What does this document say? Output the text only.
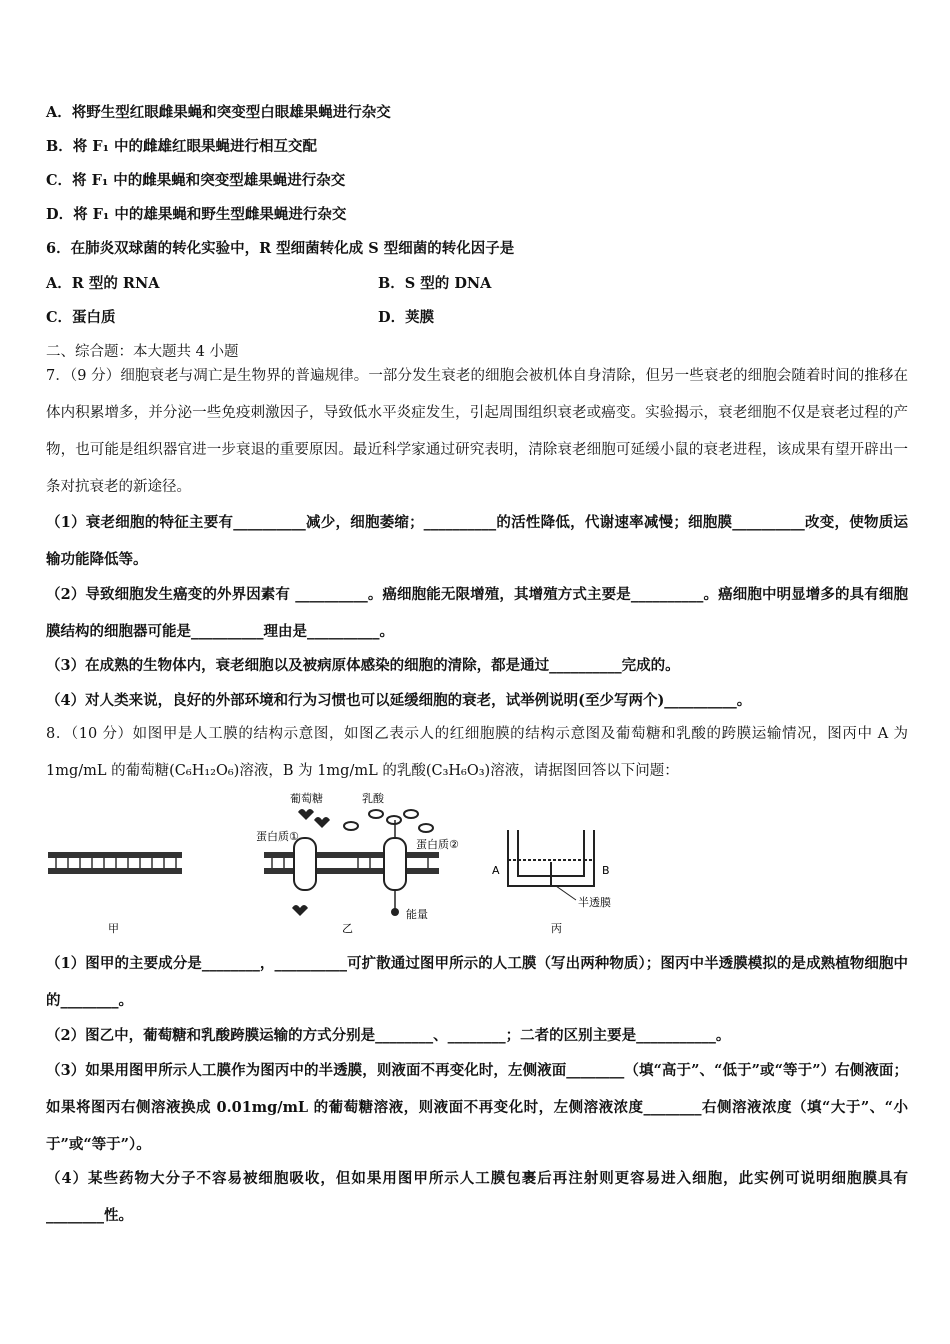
A．将野生型红眼雌果蝇和突变型白眼雄果蝇进行杂交
B．将 F₁ 中的雌雄红眼果蝇进行相互交配
C．将 F₁ 中的雌果蝇和突变型雄果蝇进行杂交
D．将 F₁ 中的雄果蝇和野生型雌果蝇进行杂交
6．在肺炎双球菌的转化实验中，R 型细菌转化成 S 型细菌的转化因子是
A．R 型的 RNA	B．S 型的 DNA
C．蛋白质	D．荚膜
二、综合题：本大题共 4 小题
7．（9 分）细胞衰老与凋亡是生物界的普遍规律。一部分发生衰老的细胞会被机体自身清除，但另一些衰老的细胞会随着时间的推移在体内积累增多，并分泌一些免疫刺激因子，导致低水平炎症发生，引起周围组织衰老或癌变。实验揭示，衰老细胞不仅是衰老过程的产物，也可能是组织器官进一步衰退的重要原因。最近科学家通过研究表明，清除衰老细胞可延缓小鼠的衰老进程，该成果有望开辟出一条对抗衰老的新途径。
（1）衰老细胞的特征主要有__________减少，细胞萎缩；__________的活性降低，代谢速率减慢；细胞膜__________改变，使物质运输功能降低等。
（2）导致细胞发生癌变的外界因素有 __________。癌细胞能无限增殖，其增殖方式主要是__________。癌细胞中明显增多的具有细胞膜结构的细胞器可能是__________理由是__________。
（3）在成熟的生物体内，衰老细胞以及被病原体感染的细胞的清除，都是通过__________完成的。
（4）对人类来说，良好的外部环境和行为习惯也可以延缓细胞的衰老，试举例说明(至少写两个)__________。
8．（10 分）如图甲是人工膜的结构示意图，如图乙表示人的红细胞膜的结构示意图及葡萄糖和乳酸的跨膜运输情况，图丙中 A 为 1mg/mL 的葡萄糖(C₆H₁₂O₆)溶液，B 为 1mg/mL 的乳酸(C₃H₆O₃)溶液，请据图回答以下问题：
甲
蛋白质①
蛋白质②
葡萄糖	乳酸
能量
乙
A	B
半透膜
丙
（1）图甲的主要成分是________，__________可扩散通过图甲所示的人工膜（写出两种物质）；图丙中半透膜模拟的是成熟植物细胞中的________。
（2）图乙中，葡萄糖和乳酸跨膜运输的方式分别是________、________；二者的区别主要是___________。
（3）如果用图甲所示人工膜作为图丙中的半透膜，则液面不再变化时，左侧液面________（填“高于”、“低于”或“等于”）右侧液面；如果将图丙右侧溶液换成 0.01mg/mL 的葡萄糖溶液，则液面不再变化时，左侧溶液浓度________右侧溶液浓度（填“大于”、“小于”或“等于”）。
（4）某些药物大分子不容易被细胞吸收，但如果用图甲所示人工膜包裹后再注射则更容易进入细胞，此实例可说明细胞膜具有________性。
